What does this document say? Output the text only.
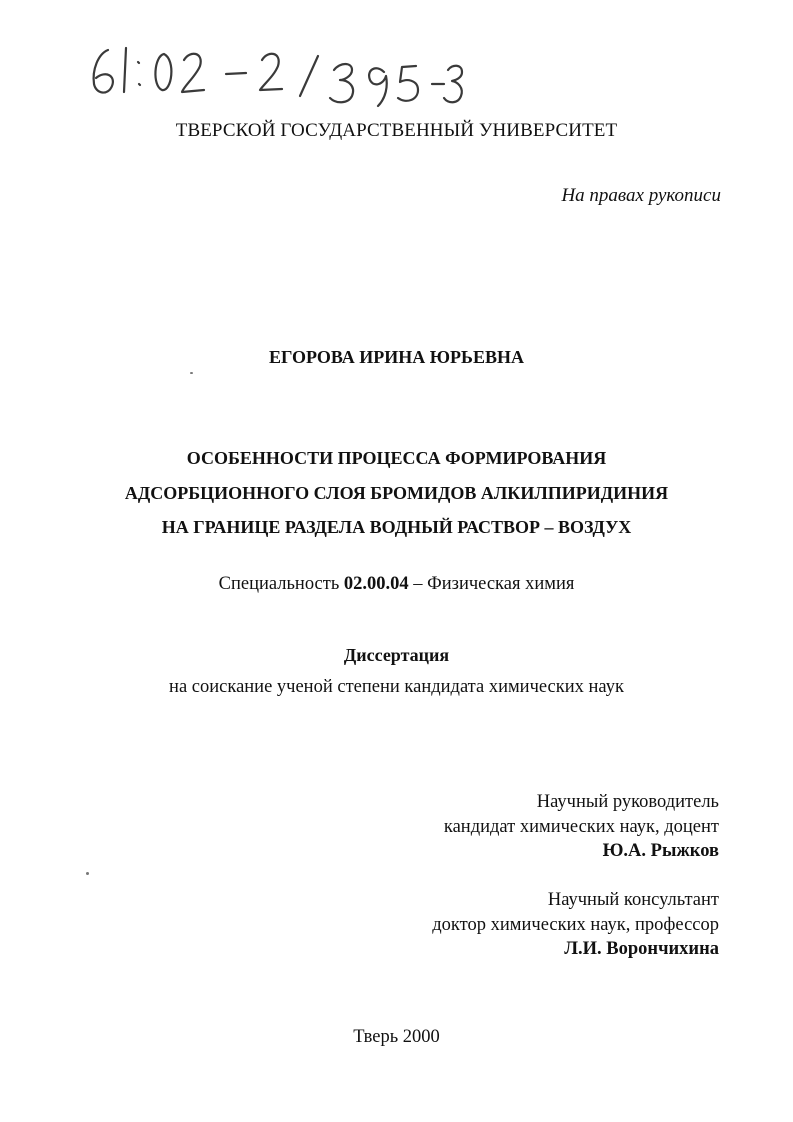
ТВЕРСКОЙ ГОСУДАРСТВЕННЫЙ УНИВЕРСИТЕТ
На правах рукописи
ЕГОРОВА ИРИНА ЮРЬЕВНА
ОСОБЕННОСТИ ПРОЦЕССА ФОРМИРОВАНИЯ
АДСОРБЦИОННОГО СЛОЯ БРОМИДОВ АЛКИЛПИРИДИНИЯ
НА ГРАНИЦЕ РАЗДЕЛА ВОДНЫЙ РАСТВОР – ВОЗДУХ
Специальность 02.00.04 – Физическая химия
Диссертация
на соискание ученой степени кандидата химических наук
Научный руководитель
кандидат химических наук, доцент
Ю.А. Рыжков
Научный консультант
доктор химических наук, профессор
Л.И. Ворончихина
Тверь 2000
